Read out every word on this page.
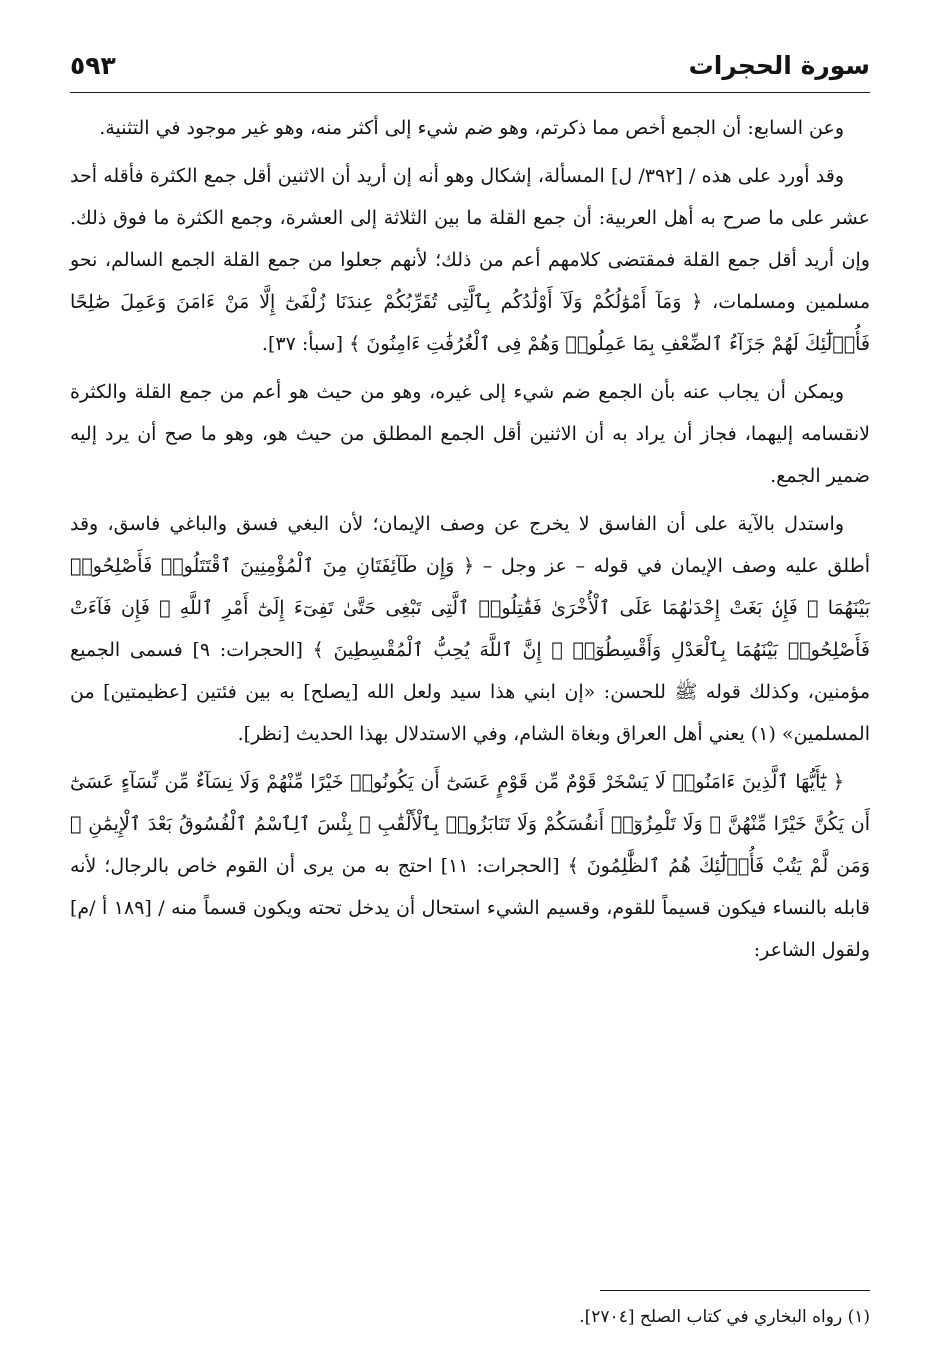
سورة الحجرات
٥٩٣

وعن السابع: أن الجمع أخص مما ذكرتم، وهو ضم شيء إلى أكثر منه، وهو غير موجود في التثنية.

وقد أورد على هذه / [٣٩٢/ ل] المسألة، إشكال وهو أنه إن أريد أن الاثنين أقل جمع الكثرة فأقله أحد عشر على ما صرح به أهل العربية: أن جمع القلة ما بين الثلاثة إلى العشرة، وجمع الكثرة ما فوق ذلك. وإن أريد أقل جمع القلة فمقتضى كلامهم أعم من ذلك؛ لأنهم جعلوا من جمع القلة الجمع السالم، نحو مسلمين ومسلمات، ﴿ وَمَآ أَمْوَٰلُكُمْ وَلَآ أَوْلَٰدُكُم بِٱلَّتِى تُقَرِّبُكُمْ عِندَنَا زُلْفَىٰٓ إِلَّا مَنْ ءَامَنَ وَعَمِلَ صَٰلِحًا فَأُو۟لَٰٓئِكَ لَهُمْ جَزَآءُ ٱلضِّعْفِ بِمَا عَمِلُوا۟ وَهُمْ فِى ٱلْغُرُفَٰتِ ءَامِنُونَ ﴾ [سبأ: ٣٧].

ويمكن أن يجاب عنه بأن الجمع ضم شيء إلى غيره، وهو من حيث هو أعم من جمع القلة والكثرة لانقسامه إليهما، فجاز أن يراد به أن الاثنين أقل الجمع المطلق من حيث هو، وهو ما صح أن يرد إليه ضمير الجمع.

واستدل بالآية على أن الفاسق لا يخرج عن وصف الإيمان؛ لأن البغي فسق والباغي فاسق، وقد أطلق عليه وصف الإيمان في قوله – عز وجل – ﴿ وَإِن طَآئِفَتَانِ مِنَ ٱلْمُؤْمِنِينَ ٱقْتَتَلُوا۟ فَأَصْلِحُوا۟ بَيْنَهُمَا ۖ فَإِنۢ بَغَتْ إِحْدَىٰهُمَا عَلَى ٱلْأُخْرَىٰ فَقَٰتِلُوا۟ ٱلَّتِى تَبْغِى حَتَّىٰ تَفِىٓءَ إِلَىٰٓ أَمْرِ ٱللَّهِ ۚ فَإِن فَآءَتْ فَأَصْلِحُوا۟ بَيْنَهُمَا بِٱلْعَدْلِ وَأَقْسِطُوٓا۟ ۖ إِنَّ ٱللَّهَ يُحِبُّ ٱلْمُقْسِطِينَ ﴾ [الحجرات: ٩] فسمى الجميع مؤمنين، وكذلك قوله ﷺ للحسن: «إن ابني هذا سيد ولعل الله [يصلح] به بين فئتين [عظيمتين] من المسلمين» (١) يعني أهل العراق وبغاة الشام، وفي الاستدلال بهذا الحديث [نظر].

﴿ يَٰٓأَيُّهَا ٱلَّذِينَ ءَامَنُوا۟ لَا يَسْخَرْ قَوْمٌ مِّن قَوْمٍ عَسَىٰٓ أَن يَكُونُوا۟ خَيْرًا مِّنْهُمْ وَلَا نِسَآءٌ مِّن نِّسَآءٍ عَسَىٰٓ أَن يَكُنَّ خَيْرًا مِّنْهُنَّ ۖ وَلَا تَلْمِزُوٓا۟ أَنفُسَكُمْ وَلَا تَنَابَزُوا۟ بِٱلْأَلْقَٰبِ ۖ بِئْسَ ٱلِٱسْمُ ٱلْفُسُوقُ بَعْدَ ٱلْإِيمَٰنِ ۚ وَمَن لَّمْ يَتُبْ فَأُو۟لَٰٓئِكَ هُمُ ٱلظَّٰلِمُونَ ﴾ [الحجرات: ١١] احتج به من يرى أن القوم خاص بالرجال؛ لأنه قابله بالنساء فيكون قسيماً للقوم، وقسيم الشيء استحال أن يدخل تحته ويكون قسماً منه / [١٨٩ أ /م] ولقول الشاعر:

(١) رواه البخاري في كتاب الصلح [٢٧٠٤].
